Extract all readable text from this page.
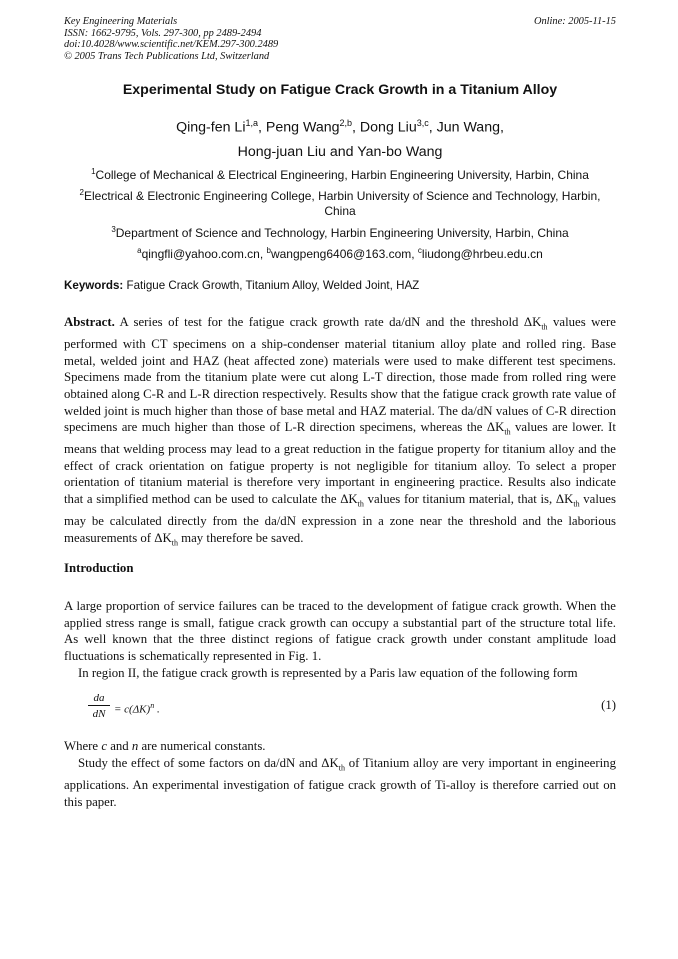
Key Engineering Materials
ISSN: 1662-9795, Vols. 297-300, pp 2489-2494
doi:10.4028/www.scientific.net/KEM.297-300.2489
© 2005 Trans Tech Publications Ltd, Switzerland
Online: 2005-11-15
Experimental Study on Fatigue Crack Growth in a Titanium Alloy
Qing-fen Li$^{1,a}$, Peng Wang$^{2,b}$, Dong Liu$^{3,c}$, Jun Wang,
Hong-juan Liu and Yan-bo Wang
$^1$College of Mechanical & Electrical Engineering, Harbin Engineering University, Harbin, China
$^2$Electrical & Electronic Engineering College, Harbin University of Science and Technology, Harbin, China
$^3$Department of Science and Technology, Harbin Engineering University, Harbin, China
$^a$qingfli@yahoo.com.cn, $^b$wangpeng6406@163.com, $^c$liudong@hrbeu.edu.cn
Keywords: Fatigue Crack Growth, Titanium Alloy, Welded Joint, HAZ
Abstract. A series of test for the fatigue crack growth rate da/dN and the threshold $\Delta K_{th}$ values were performed with CT specimens on a ship-condenser material titanium alloy plate and rolled ring. Base metal, welded joint and HAZ (heat affected zone) materials were used to make different test specimens. Specimens made from the titanium plate were cut along L-T direction, those made from rolled ring were obtained along C-R and L-R direction respectively. Results show that the fatigue crack growth rate value of welded joint is much higher than those of base metal and HAZ material. The da/dN values of C-R direction specimens are much higher than those of L-R direction specimens, whereas the $\Delta K_{th}$ values are lower. It means that welding process may lead to a great reduction in the fatigue property for titanium alloy and the effect of crack orientation on fatigue property is not negligible for titanium alloy. To select a proper orientation of titanium material is therefore very important in engineering practice. Results also indicate that a simplified method can be used to calculate the $\Delta K_{th}$ values for titanium material, that is, $\Delta K_{th}$ values may be calculated directly from the da/dN expression in a zone near the threshold and the laborious measurements of $\Delta K_{th}$ may therefore be saved.
Introduction
A large proportion of service failures can be traced to the development of fatigue crack growth. When the applied stress range is small, fatigue crack growth can occupy a substantial part of the structure total life. As well known that the three distinct regions of fatigue crack growth under constant amplitude load fluctuations is schematically represented in Fig. 1.
In region II, the fatigue crack growth is represented by a Paris law equation of the following form
$\frac{da}{dN} = c(\Delta K)^n$ .	(1)
Where c and n are numerical constants.
Study the effect of some factors on da/dN and $\Delta K_{th}$ of Titanium alloy are very important in engineering applications. An experimental investigation of fatigue crack growth of Ti-alloy is therefore carried out on this paper.
